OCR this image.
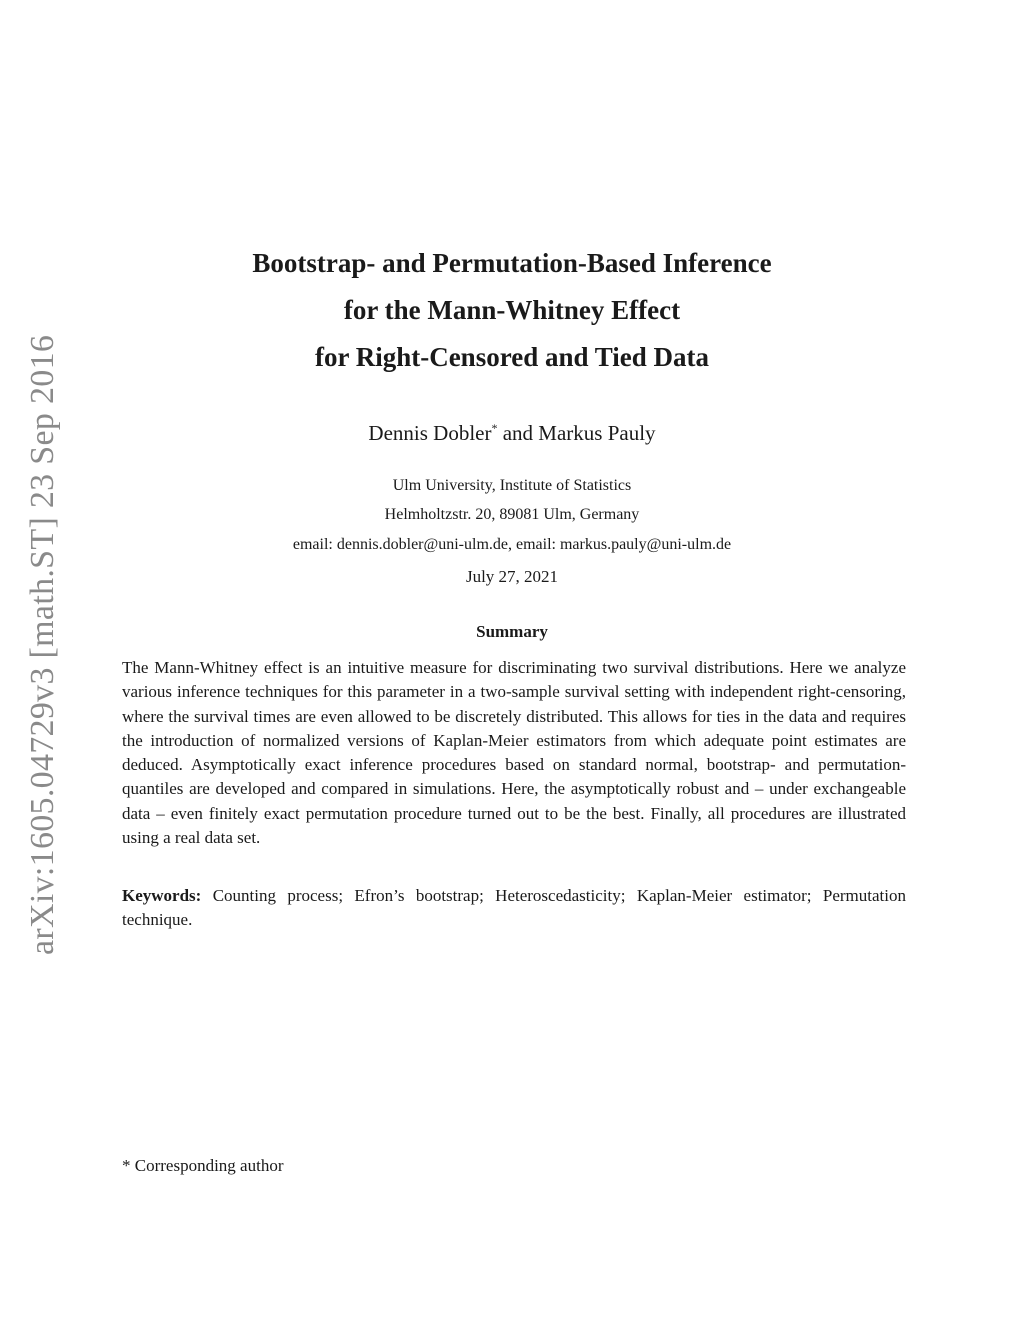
arXiv:1605.04729v3 [math.ST] 23 Sep 2016
Bootstrap- and Permutation-Based Inference
for the Mann-Whitney Effect
for Right-Censored and Tied Data
Dennis Dobler* and Markus Pauly
Ulm University, Institute of Statistics
Helmholtzstr. 20, 89081 Ulm, Germany
email: dennis.dobler@uni-ulm.de, email: markus.pauly@uni-ulm.de
July 27, 2021
Summary
The Mann-Whitney effect is an intuitive measure for discriminating two survival distributions. Here we analyze various inference techniques for this parameter in a two-sample survival setting with independent right-censoring, where the survival times are even allowed to be discretely distributed. This allows for ties in the data and requires the introduction of normalized versions of Kaplan-Meier estimators from which adequate point estimates are deduced. Asymptotically exact inference procedures based on standard normal, bootstrap- and permutation-quantiles are developed and compared in simulations. Here, the asymptotically robust and – under exchangeable data – even finitely exact permutation procedure turned out to be the best. Finally, all procedures are illustrated using a real data set.
Keywords: Counting process; Efron’s bootstrap; Heteroscedasticity; Kaplan-Meier estimator; Permutation technique.
* Corresponding author
